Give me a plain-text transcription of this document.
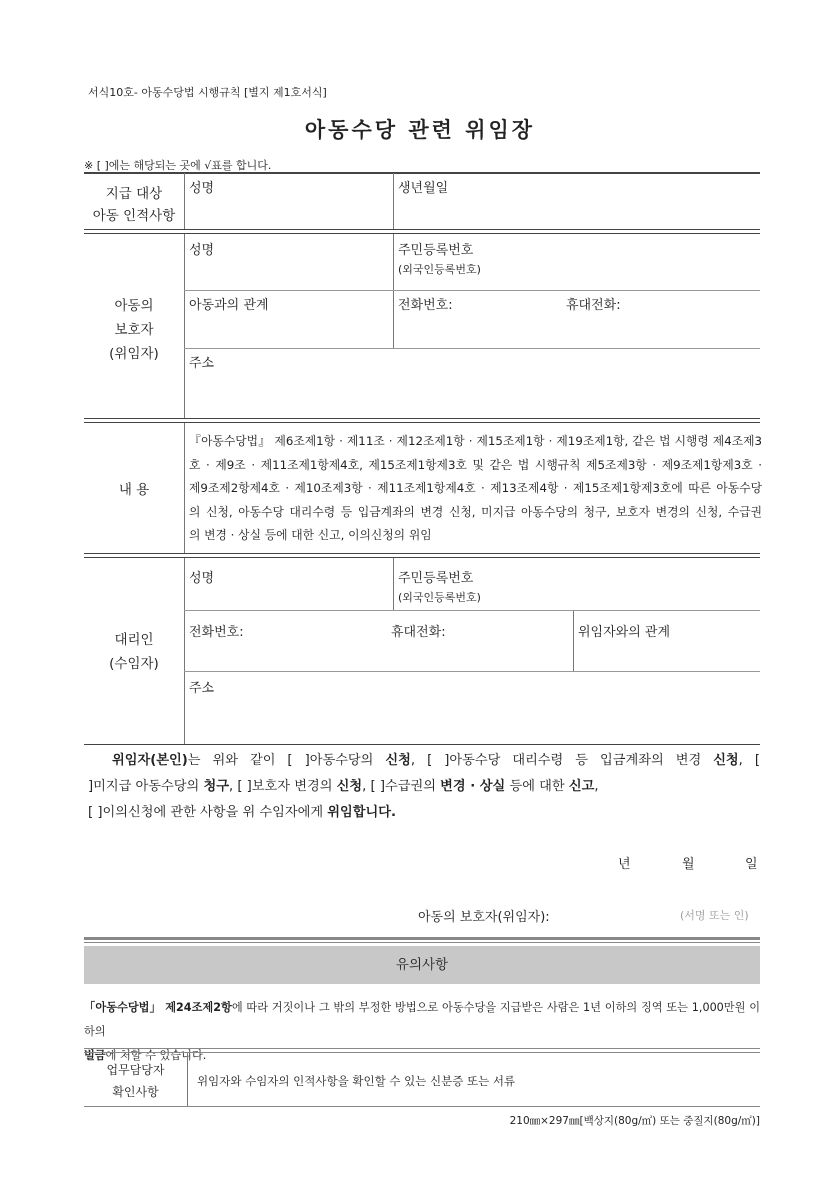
서식10호- 아동수당법 시행규칙 [별지 제1호서식]
아동수당 관련 위임장
※ [ ]에는 해당되는 곳에 √표를 합니다.
지급 대상
아동 인적사항
성명	생년월일
아동의
보호자
(위임자)
성명	주민등록번호
(외국인등록번호)
아동과의 관계	전화번호:	휴대전화:
주소
내 용
『아동수당법』 제6조제1항 · 제11조 · 제12조제1항 · 제15조제1항 · 제19조제1항, 같은 법 시행령 제4조제3
호 · 제9조 · 제11조제1항제4호, 제15조제1항제3호 및 같은 법 시행규칙 제5조제3항 · 제9조제1항제3호 ·
제9조제2항제4호 · 제10조제3항 · 제11조제1항제4호 · 제13조제4항 · 제15조제1항제3호에 따른 아동수당
의 신청, 아동수당 대리수령 등 입금계좌의 변경 신청, 미지급 아동수당의 청구, 보호자 변경의 신청, 수급권
의 변경 · 상실 등에 대한 신고, 이의신청의 위임
대리인
(수임자)
성명	주민등록번호
(외국인등록번호)
전화번호:	휴대전화:	위임자와의 관계
주소
위임자(본인)는 위와 같이 [ ]아동수당의 신청, [ ]아동수당 대리수령 등 입금계좌의 변경 신청, [
]미지급 아동수당의 청구, [ ]보호자 변경의 신청, [ ]수급권의 변경 · 상실 등에 대한 신고,
[ ]이의신청에 관한 사항을 위 수임자에게 위임합니다.
년	월	일
아동의 보호자(위임자):	(서명 또는 인)
유의사항
「아동수당법」 제24조제2항에 따라 거짓이나 그 밖의 부정한 방법으로 아동수당을 지급받은 사람은 1년 이하의 징역 또는 1,000만원 이하의
벌금에 처할 수 있습니다.
업무담당자
확인사항
위임자와 수임자의 인적사항을 확인할 수 있는 신분증 또는 서류
210㎜×297㎜[백상지(80g/㎡) 또는 중질지(80g/㎡)]
